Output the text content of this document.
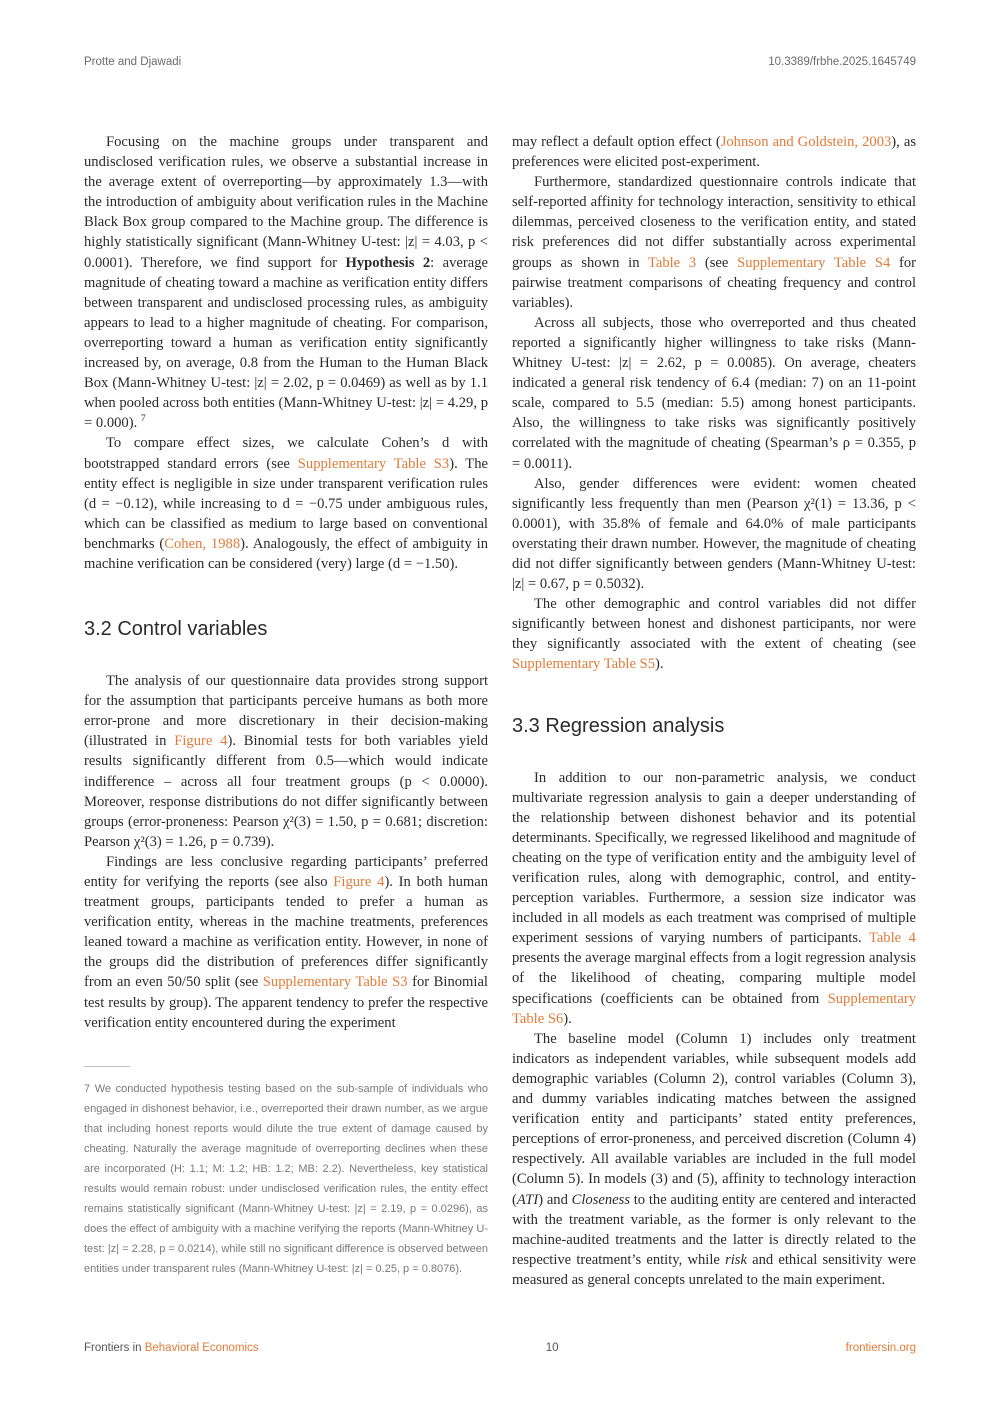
Protte and Djawadi	10.3389/frbhe.2025.1645749

Focusing on the machine groups under transparent and undisclosed verification rules, we observe a substantial increase in the average extent of overreporting—by approximately 1.3—with the introduction of ambiguity about verification rules in the Machine Black Box group compared to the Machine group. The difference is highly statistically significant (Mann-Whitney U-test: |z| = 4.03, p < 0.0001). Therefore, we find support for Hypothesis 2: average magnitude of cheating toward a machine as verification entity differs between transparent and undisclosed processing rules, as ambiguity appears to lead to a higher magnitude of cheating. For comparison, overreporting toward a human as verification entity significantly increased by, on average, 0.8 from the Human to the Human Black Box (Mann-Whitney U-test: |z| = 2.02, p = 0.0469) as well as by 1.1 when pooled across both entities (Mann-Whitney U-test: |z| = 4.29, p = 0.000). $^7$

To compare effect sizes, we calculate Cohen’s d with bootstrapped standard errors (see Supplementary Table S3). The entity effect is negligible in size under transparent verification rules (d = −0.12), while increasing to d = −0.75 under ambiguous rules, which can be classified as medium to large based on conventional benchmarks (Cohen, 1988). Analogously, the effect of ambiguity in machine verification can be considered (very) large (d = −1.50).

3.2 Control variables

The analysis of our questionnaire data provides strong support for the assumption that participants perceive humans as both more error-prone and more discretionary in their decision-making (illustrated in Figure 4). Binomial tests for both variables yield results significantly different from 0.5—which would indicate indifference – across all four treatment groups (p < 0.0000). Moreover, response distributions do not differ significantly between groups (error-proneness: Pearson χ²(3) = 1.50, p = 0.681; discretion: Pearson χ²(3) = 1.26, p = 0.739).

Findings are less conclusive regarding participants’ preferred entity for verifying the reports (see also Figure 4). In both human treatment groups, participants tended to prefer a human as verification entity, whereas in the machine treatments, preferences leaned toward a machine as verification entity. However, in none of the groups did the distribution of preferences differ significantly from an even 50/50 split (see Supplementary Table S3 for Binomial test results by group). The apparent tendency to prefer the respective verification entity encountered during the experiment

7 We conducted hypothesis testing based on the sub-sample of individuals who engaged in dishonest behavior, i.e., overreported their drawn number, as we argue that including honest reports would dilute the true extent of damage caused by cheating. Naturally the average magnitude of overreporting declines when these are incorporated (H: 1.1; M: 1.2; HB: 1.2; MB: 2.2). Nevertheless, key statistical results would remain robust: under undisclosed verification rules, the entity effect remains statistically significant (Mann-Whitney U-test: |z| = 2.19, p = 0.0296), as does the effect of ambiguity with a machine verifying the reports (Mann-Whitney U-test: |z| = 2.28, p = 0.0214), while still no significant difference is observed between entities under transparent rules (Mann-Whitney U-test: |z| = 0.25, p = 0.8076).

may reflect a default option effect (Johnson and Goldstein, 2003), as preferences were elicited post-experiment.

Furthermore, standardized questionnaire controls indicate that self-reported affinity for technology interaction, sensitivity to ethical dilemmas, perceived closeness to the verification entity, and stated risk preferences did not differ substantially across experimental groups as shown in Table 3 (see Supplementary Table S4 for pairwise treatment comparisons of cheating frequency and control variables).

Across all subjects, those who overreported and thus cheated reported a significantly higher willingness to take risks (Mann-Whitney U-test: |z| = 2.62, p = 0.0085). On average, cheaters indicated a general risk tendency of 6.4 (median: 7) on an 11-point scale, compared to 5.5 (median: 5.5) among honest participants. Also, the willingness to take risks was significantly positively correlated with the magnitude of cheating (Spearman’s ρ = 0.355, p = 0.0011).

Also, gender differences were evident: women cheated significantly less frequently than men (Pearson χ²(1) = 13.36, p < 0.0001), with 35.8% of female and 64.0% of male participants overstating their drawn number. However, the magnitude of cheating did not differ significantly between genders (Mann-Whitney U-test: |z| = 0.67, p = 0.5032).

The other demographic and control variables did not differ significantly between honest and dishonest participants, nor were they significantly associated with the extent of cheating (see Supplementary Table S5).

3.3 Regression analysis

In addition to our non-parametric analysis, we conduct multivariate regression analysis to gain a deeper understanding of the relationship between dishonest behavior and its potential determinants. Specifically, we regressed likelihood and magnitude of cheating on the type of verification entity and the ambiguity level of verification rules, along with demographic, control, and entity-perception variables. Furthermore, a session size indicator was included in all models as each treatment was comprised of multiple experiment sessions of varying numbers of participants. Table 4 presents the average marginal effects from a logit regression analysis of the likelihood of cheating, comparing multiple model specifications (coefficients can be obtained from Supplementary Table S6).

The baseline model (Column 1) includes only treatment indicators as independent variables, while subsequent models add demographic variables (Column 2), control variables (Column 3), and dummy variables indicating matches between the assigned verification entity and participants’ stated entity preferences, perceptions of error-proneness, and perceived discretion (Column 4) respectively. All available variables are included in the full model (Column 5). In models (3) and (5), affinity to technology interaction (ATI) and Closeness to the auditing entity are centered and interacted with the treatment variable, as the former is only relevant to the machine-audited treatments and the latter is directly related to the respective treatment’s entity, while risk and ethical sensitivity were measured as general concepts unrelated to the main experiment.

Frontiers in Behavioral Economics	10	frontiersin.org
